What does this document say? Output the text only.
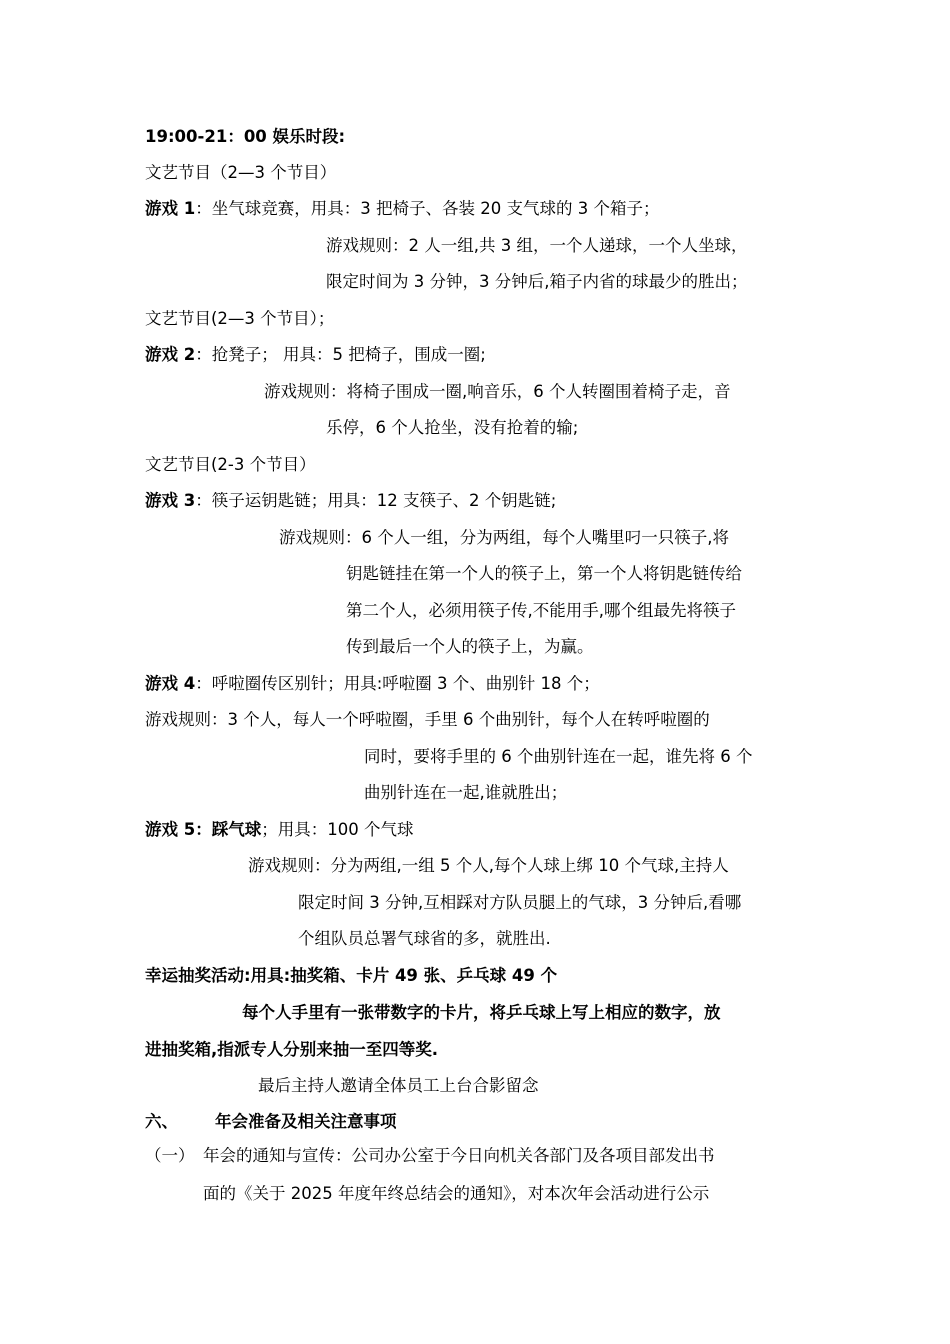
19:00-21：00 娱乐时段:
文艺节目（2—3 个节目）
游戏 1：坐气球竞赛，用具：3 把椅子、各装 20 支气球的 3 个箱子；
游戏规则：2 人一组,共 3 组，一个人递球，一个人坐球，
限定时间为 3 分钟，3 分钟后,箱子内省的球最少的胜出；
文艺节目(2—3 个节目）；
游戏 2：抢凳子； 用具：5 把椅子，围成一圈;
游戏规则：将椅子围成一圈,响音乐，6 个人转圈围着椅子走，音
乐停，6 个人抢坐，没有抢着的输;
文艺节目(2-3 个节目）
游戏 3：筷子运钥匙链；用具：12 支筷子、2 个钥匙链;
游戏规则：6 个人一组，分为两组，每个人嘴里叼一只筷子,将
钥匙链挂在第一个人的筷子上，第一个人将钥匙链传给
第二个人，必须用筷子传,不能用手,哪个组最先将筷子
传到最后一个人的筷子上，为赢。
游戏 4：呼啦圈传区别针；用具:呼啦圈 3 个、曲别针 18 个；
游戏规则：3 个人，每人一个呼啦圈，手里 6 个曲别针，每个人在转呼啦圈的
同时，要将手里的 6 个曲别针连在一起，谁先将 6 个
曲别针连在一起,谁就胜出；
游戏 5：踩气球；用具：100 个气球
游戏规则：分为两组,一组 5 个人,每个人球上绑 10 个气球,主持人
限定时间 3 分钟,互相踩对方队员腿上的气球，3 分钟后,看哪
个组队员总署气球省的多，就胜出.
幸运抽奖活动:用具:抽奖箱、卡片 49 张、乒乓球 49 个
每个人手里有一张带数字的卡片，将乒乓球上写上相应的数字，放
进抽奖箱,指派专人分别来抽一至四等奖.
最后主持人邀请全体员工上台合影留念
六、 年会准备及相关注意事项
（一） 年会的通知与宣传：公司办公室于今日向机关各部门及各项目部发出书
面的《关于 2025 年度年终总结会的通知》，对本次年会活动进行公示
